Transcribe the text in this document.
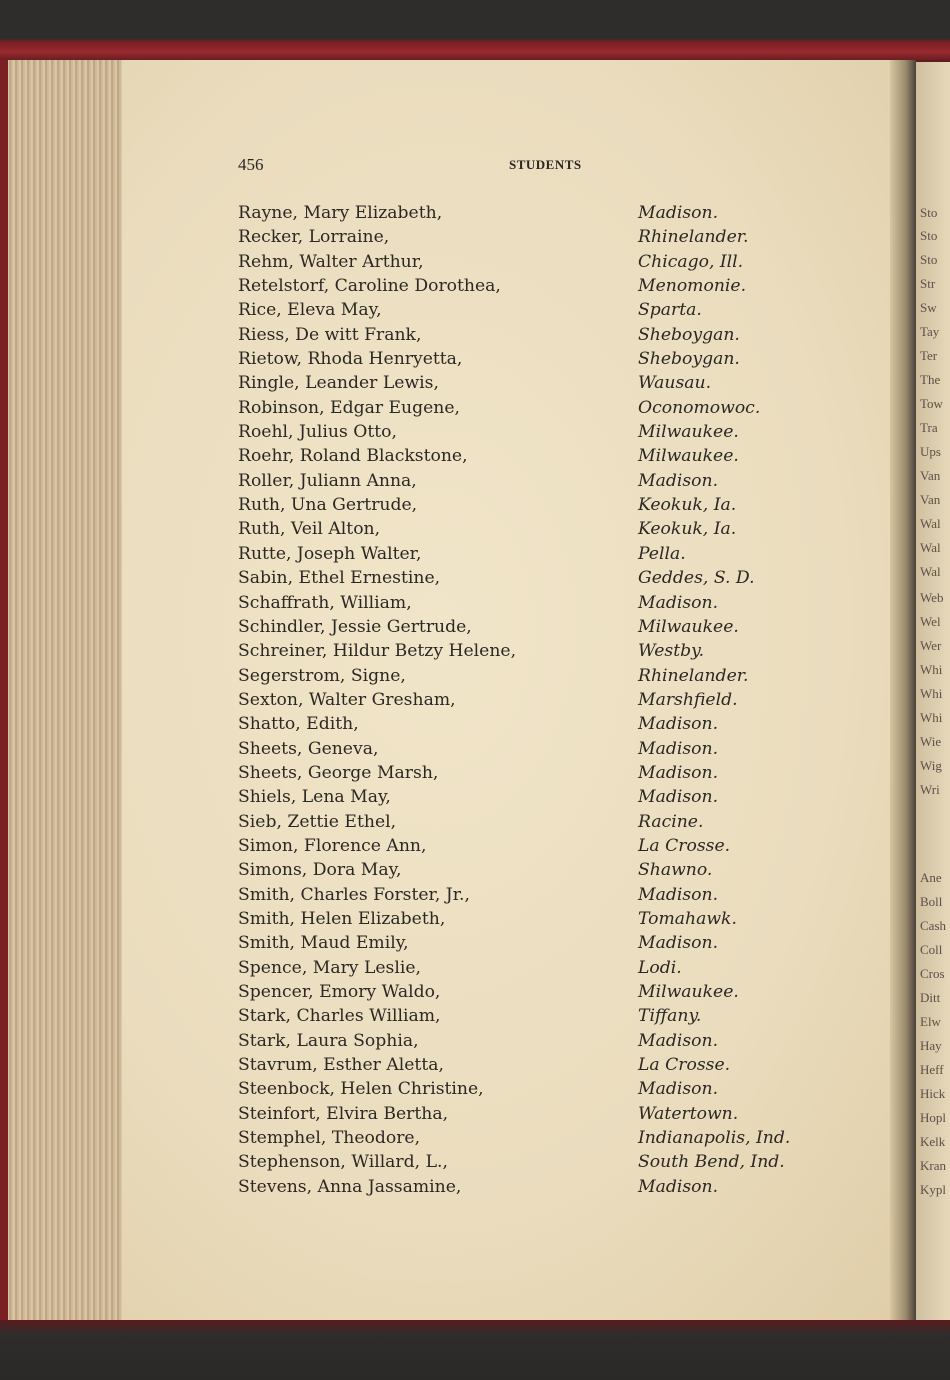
Sto
Sto
Sto
Str
Sw
Tay
Ter
The
Tow
Tra
Ups
Van
Van
Wal
Wal
Wal
Web
Wel
Wer
Whi
Whi
Whi
Wie
Wig
Wri
Ane
Boll
Cash
Coll
Cros
Ditt
Elw
Hay
Heff
Hick
Hopl
Kelk
Kran
Kypl
456	STUDENTS
Rayne, Mary Elizabeth,	Madison.
Recker, Lorraine,	Rhinelander.
Rehm, Walter Arthur,	Chicago, Ill.
Retelstorf, Caroline Dorothea,	Menomonie.
Rice, Eleva May,	Sparta.
Riess, De witt Frank,	Sheboygan.
Rietow, Rhoda Henryetta,	Sheboygan.
Ringle, Leander Lewis,	Wausau.
Robinson, Edgar Eugene,	Oconomowoc.
Roehl, Julius Otto,	Milwaukee.
Roehr, Roland Blackstone,	Milwaukee.
Roller, Juliann Anna,	Madison.
Ruth, Una Gertrude,	Keokuk, Ia.
Ruth, Veil Alton,	Keokuk, Ia.
Rutte, Joseph Walter,	Pella.
Sabin, Ethel Ernestine,	Geddes, S. D.
Schaffrath, William,	Madison.
Schindler, Jessie Gertrude,	Milwaukee.
Schreiner, Hildur Betzy Helene,	Westby.
Segerstrom, Signe,	Rhinelander.
Sexton, Walter Gresham,	Marshfield.
Shatto, Edith,	Madison.
Sheets, Geneva,	Madison.
Sheets, George Marsh,	Madison.
Shiels, Lena May,	Madison.
Sieb, Zettie Ethel,	Racine.
Simon, Florence Ann,	La Crosse.
Simons, Dora May,	Shawno.
Smith, Charles Forster, Jr.,	Madison.
Smith, Helen Elizabeth,	Tomahawk.
Smith, Maud Emily,	Madison.
Spence, Mary Leslie,	Lodi.
Spencer, Emory Waldo,	Milwaukee.
Stark, Charles William,	Tiffany.
Stark, Laura Sophia,	Madison.
Stavrum, Esther Aletta,	La Crosse.
Steenbock, Helen Christine,	Madison.
Steinfort, Elvira Bertha,	Watertown.
Stemphel, Theodore,	Indianapolis, Ind.
Stephenson, Willard, L.,	South Bend, Ind.
Stevens, Anna Jassamine,	Madison.
